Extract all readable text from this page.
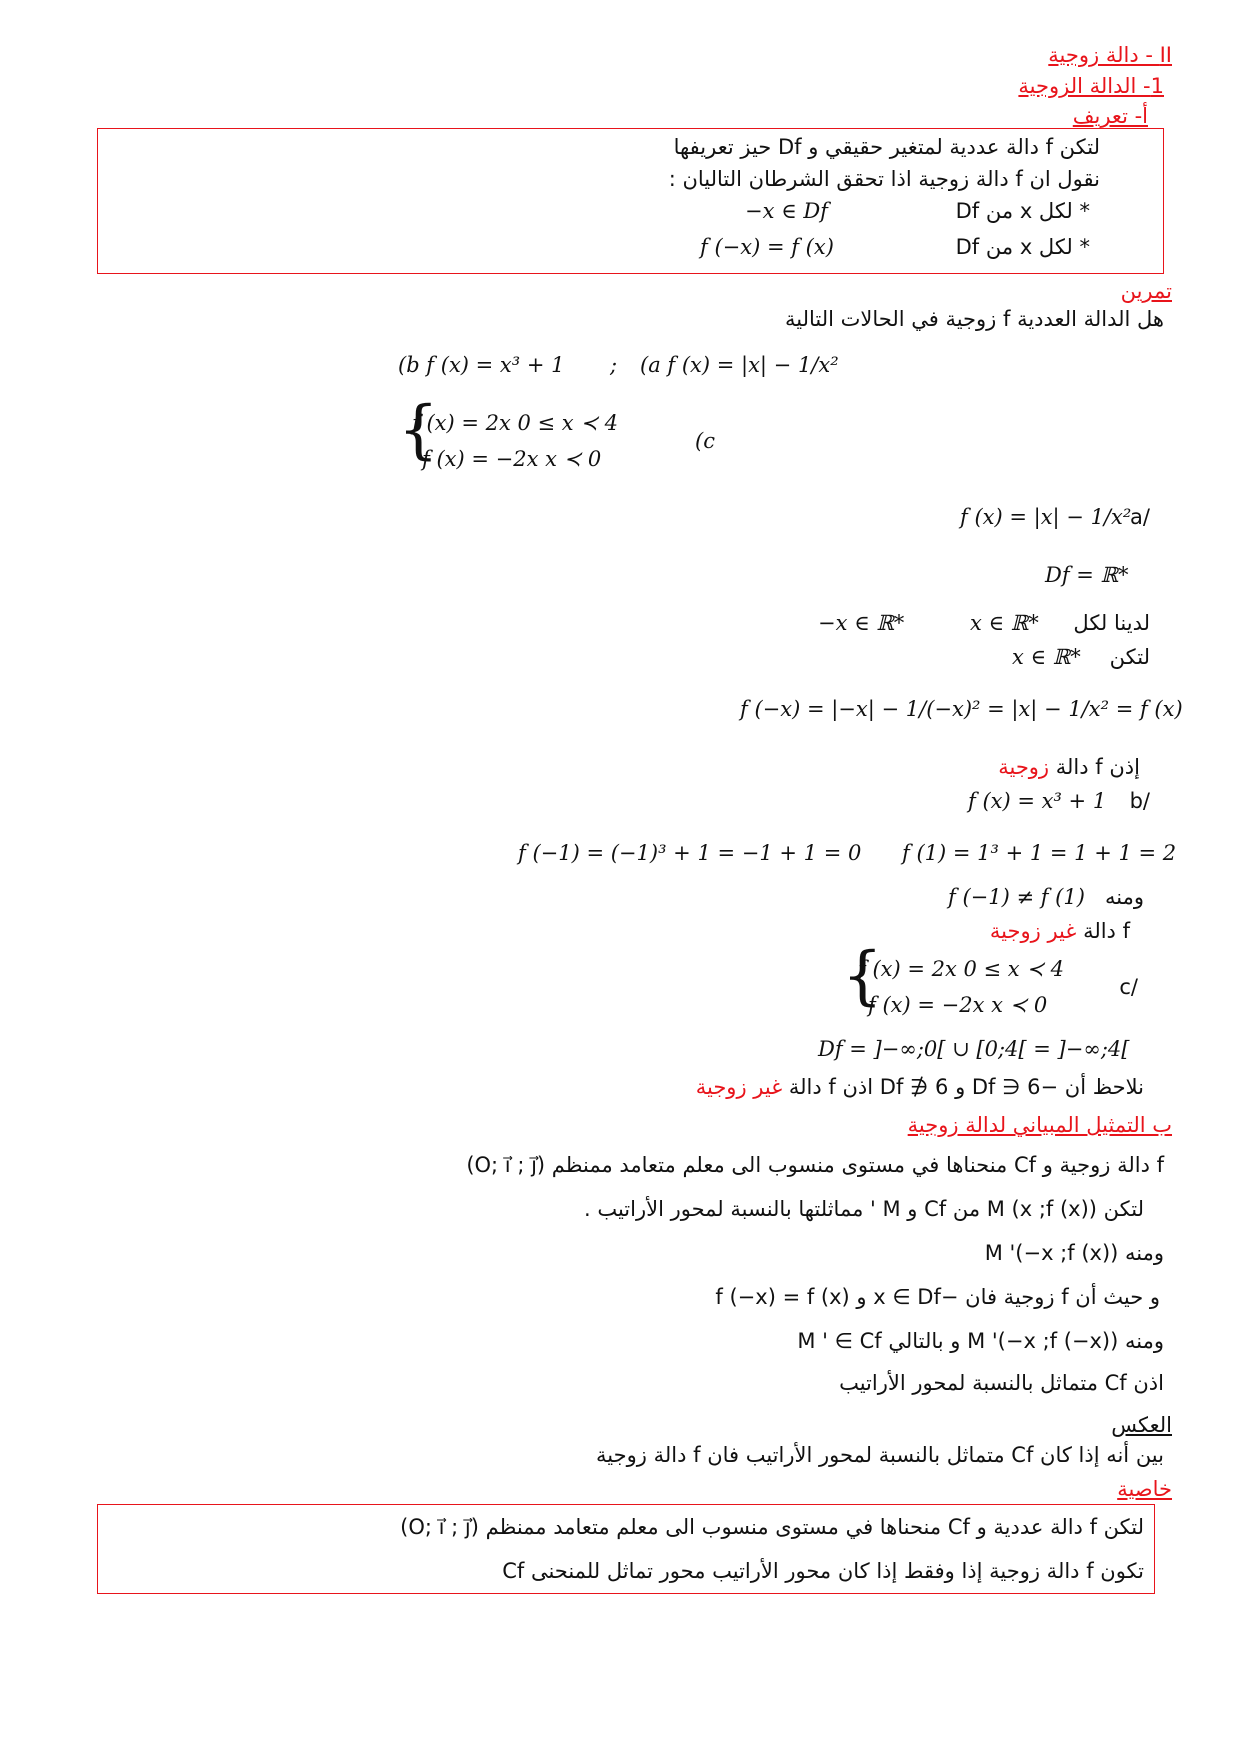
II - دالة زوجية
1- الدالة الزوجية
أ- تعريف
لتكن f دالة عددية لمتغير حقيقي و Df حيز تعريفها
نقول ان f دالة زوجية اذا تحقق الشرطان التاليان :
* لكل x من Df
−x ∈ Df
* لكل x من Df
f (−x) = f (x)
تمرين
هل الدالة العددية f زوجية في الحالات التالية
(a f (x) = |x| − 1/x²
;
(b f (x) = x³ + 1
{
f (x) = 2x 0 ≤ x ≺ 4
f (x) = −2x x ≺ 0
(c
a/
f (x) = |x| − 1/x²
Df = ℝ*
لدينا لكل
x ∈ ℝ*
−x ∈ ℝ*
لتكن
x ∈ ℝ*
f (−x) = |−x| − 1/(−x)² = |x| − 1/x² = f (x)
إذن f دالة زوجية
b/
f (x) = x³ + 1
f (1) = 1³ + 1 = 1 + 1 = 2
f (−1) = (−1)³ + 1 = −1 + 1 = 0
ومنه
f (−1) ≠ f (1)
f دالة غير زوجية
{
f (x) = 2x 0 ≤ x ≺ 4
f (x) = −2x x ≺ 0
c/
Df = ]−∞;0[ ∪ [0;4[ = ]−∞;4[
نلاحظ أن −6 ∈ Df و 6 ∉ Df اذن f دالة غير زوجية
ب التمثيل المبياني لدالة زوجية
f دالة زوجية و Cf منحناها في مستوى منسوب الى معلم متعامد ممنظم (O; i⃗ ; j⃗)
لتكن M (x ;f (x)) من Cf و M ' مماثلتها بالنسبة لمحور الأراتيب .
ومنه M '(−x ;f (x))
و حيث أن f زوجية فان −x ∈ Df و f (−x) = f (x)
ومنه M '(−x ;f (−x)) و بالتالي M ' ∈ Cf
اذن Cf متماثل بالنسبة لمحور الأراتيب
العكس
بين أنه إذا كان Cf متماثل بالنسبة لمحور الأراتيب فان f دالة زوجية
خاصية
لتكن f دالة عددية و Cf منحناها في مستوى منسوب الى معلم متعامد ممنظم (O; i⃗ ; j⃗)
تكون f دالة زوجية إذا وفقط إذا كان محور الأراتيب محور تماثل للمنحنى Cf
